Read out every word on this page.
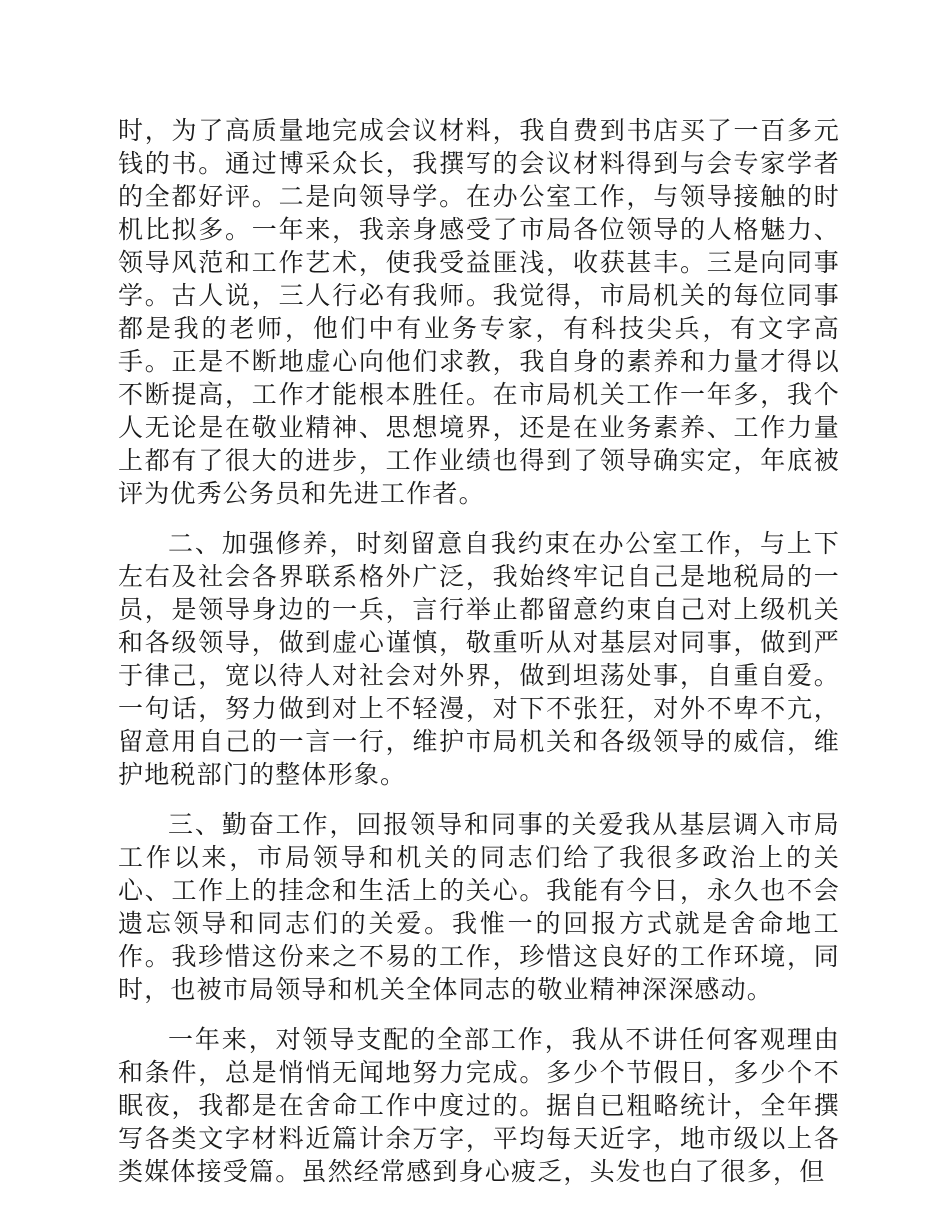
时，为了高质量地完成会议材料，我自费到书店买了一百多元钱的书。通过博采众长，我撰写的会议材料得到与会专家学者的全都好评。二是向领导学。在办公室工作，与领导接触的时机比拟多。一年来，我亲身感受了市局各位领导的人格魅力、领导风范和工作艺术，使我受益匪浅，收获甚丰。三是向同事学。古人说，三人行必有我师。我觉得，市局机关的每位同事都是我的老师，他们中有业务专家，有科技尖兵，有文字高手。正是不断地虚心向他们求教，我自身的素养和力量才得以不断提高，工作才能根本胜任。在市局机关工作一年多，我个人无论是在敬业精神、思想境界，还是在业务素养、工作力量上都有了很大的进步，工作业绩也得到了领导确实定，年底被评为优秀公务员和先进工作者。

二、加强修养，时刻留意自我约束在办公室工作，与上下左右及社会各界联系格外广泛，我始终牢记自己是地税局的一员，是领导身边的一兵，言行举止都留意约束自己对上级机关和各级领导，做到虚心谨慎，敬重听从对基层对同事，做到严于律己，宽以待人对社会对外界，做到坦荡处事，自重自爱。一句话，努力做到对上不轻漫，对下不张狂，对外不卑不亢，留意用自己的一言一行，维护市局机关和各级领导的威信，维护地税部门的整体形象。

三、勤奋工作，回报领导和同事的关爱我从基层调入市局工作以来，市局领导和机关的同志们给了我很多政治上的关心、工作上的挂念和生活上的关心。我能有今日，永久也不会遗忘领导和同志们的关爱。我惟一的回报方式就是舍命地工作。我珍惜这份来之不易的工作，珍惜这良好的工作环境，同时，也被市局领导和机关全体同志的敬业精神深深感动。

一年来，对领导支配的全部工作，我从不讲任何客观理由和条件，总是悄悄无闻地努力完成。多少个节假日，多少个不眠夜，我都是在舍命工作中度过的。据自已粗略统计，全年撰写各类文字材料近篇计余万字，平均每天近字，地市级以上各类媒体接受篇。虽然经常感到身心疲乏，头发也白了很多，但
